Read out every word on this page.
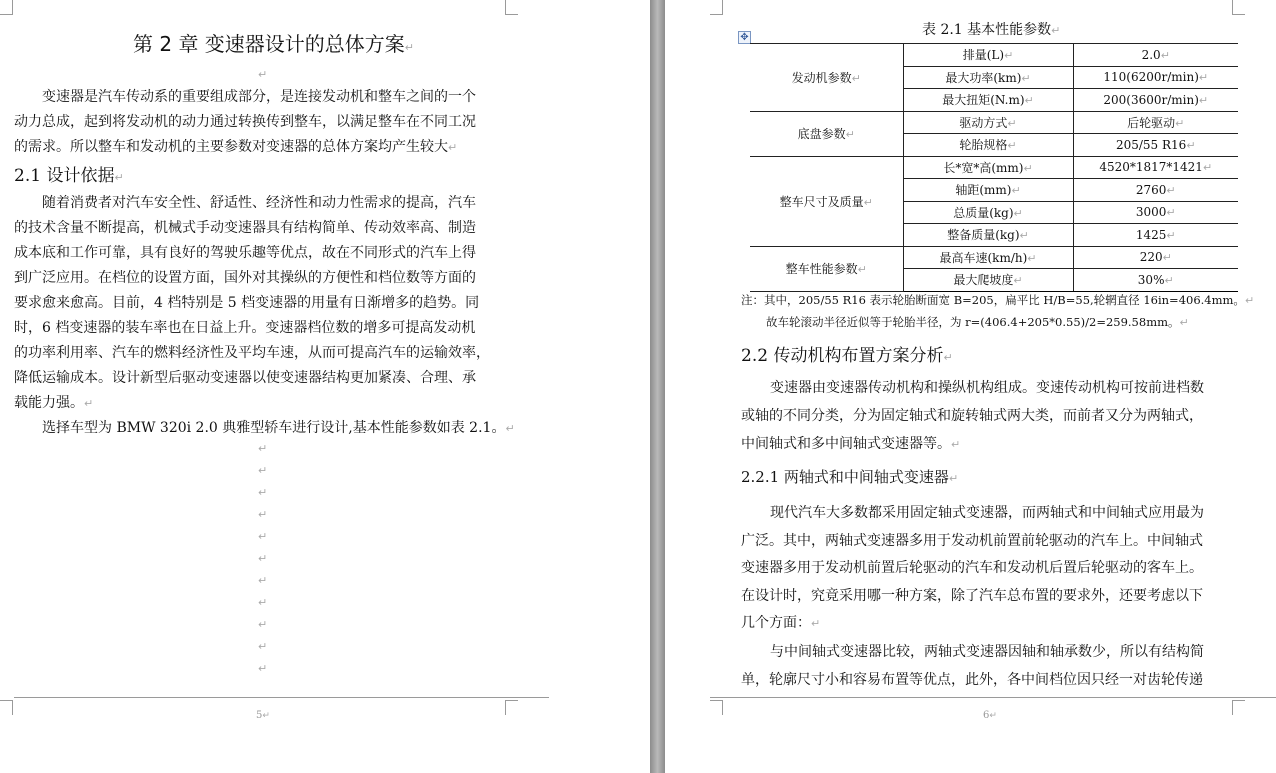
第 2 章 变速器设计的总体方案↵
↵
变速器是汽车传动系的重要组成部分，是连接发动机和整车之间的一个
动力总成，起到将发动机的动力通过转换传到整车，以满足整车在不同工况
的需求。所以整车和发动机的主要参数对变速器的总体方案均产生较大↵
2.1 设计依据↵
随着消费者对汽车安全性、舒适性、经济性和动力性需求的提高，汽车
的技术含量不断提高，机械式手动变速器具有结构简单、传动效率高、制造
成本底和工作可靠，具有良好的驾驶乐趣等优点，故在不同形式的汽车上得
到广泛应用。在档位的设置方面，国外对其操纵的方便性和档位数等方面的
要求愈来愈高。目前，4 档特别是 5 档变速器的用量有日渐增多的趋势。同
时，6 档变速器的装车率也在日益上升。变速器档位数的增多可提高发动机
的功率利用率、汽车的燃料经济性及平均车速，从而可提高汽车的运输效率，
降低运输成本。设计新型后驱动变速器以使变速器结构更加紧凑、合理、承
载能力强。↵
选择车型为 BMW 320i 2.0 典雅型轿车进行设计,基本性能参数如表 2.1。↵
↵
↵
↵
↵
↵
↵
↵
↵
↵
↵
↵
5↵
表 2.1 基本性能参数↵
✥
发动机参数↵	排量(L)↵	2.0↵
	最大功率(km)↵	110(6200r/min)↵
	最大扭矩(N.m)↵	200(3600r/min)↵
底盘参数↵	驱动方式↵	后轮驱动↵
	轮胎规格↵	205/55 R16↵
整车尺寸及质量↵	长*宽*高(mm)↵	4520*1817*1421↵
	轴距(mm)↵	2760↵
	总质量(kg)↵	3000↵
	整备质量(kg)↵	1425↵
整车性能参数↵	最高车速(km/h)↵	220↵
	最大爬坡度↵	30%↵
注：其中，205/55 R16 表示轮胎断面宽 B=205，扁平比 H/B=55,轮辋直径 16in=406.4mm。↵
故车轮滚动半径近似等于轮胎半径，为 r=(406.4+205*0.55)/2=259.58mm。↵
2.2 传动机构布置方案分析↵
变速器由变速器传动机构和操纵机构组成。变速传动机构可按前进档数
或轴的不同分类，分为固定轴式和旋转轴式两大类，而前者又分为两轴式，
中间轴式和多中间轴式变速器等。↵
2.2.1 两轴式和中间轴式变速器↵
现代汽车大多数都采用固定轴式变速器，而两轴式和中间轴式应用最为
广泛。其中，两轴式变速器多用于发动机前置前轮驱动的汽车上。中间轴式
变速器多用于发动机前置后轮驱动的汽车和发动机后置后轮驱动的客车上。
在设计时，究竟采用哪一种方案，除了汽车总布置的要求外，还要考虑以下
几个方面：↵
与中间轴式变速器比较，两轴式变速器因轴和轴承数少，所以有结构简
单，轮廓尺寸小和容易布置等优点，此外，各中间档位因只经一对齿轮传递
6↵
